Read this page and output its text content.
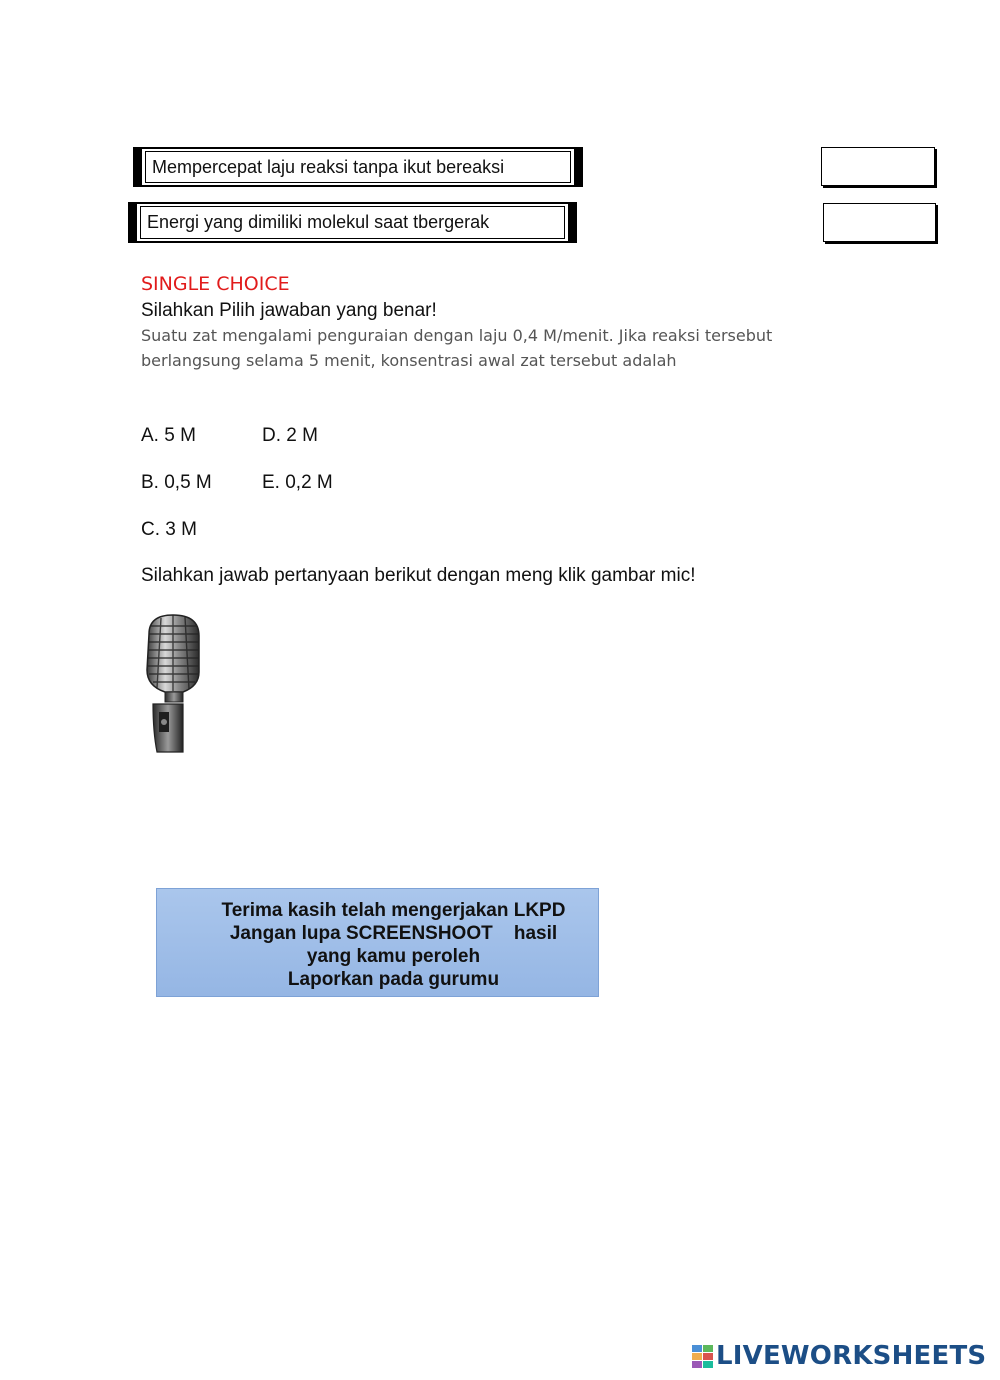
Mempercepat laju reaksi tanpa ikut bereaksi
Energi yang dimiliki molekul saat tbergerak
SINGLE CHOICE
Silahkan Pilih jawaban yang benar!
Suatu zat mengalami penguraian dengan laju 0,4 M/menit. Jika reaksi tersebut berlangsung selama 5 menit, konsentrasi awal zat tersebut adalah
A. 5 M	D. 2 M
B. 0,5 M	E. 0,2 M
C. 3 M
Silahkan jawab pertanyaan berikut dengan meng klik gambar mic!
Terima kasih telah mengerjakan LKPD
Jangan lupa SCREENSHOOT    hasil
yang kamu peroleh
Laporkan pada gurumu
LIVEWORKSHEETS
